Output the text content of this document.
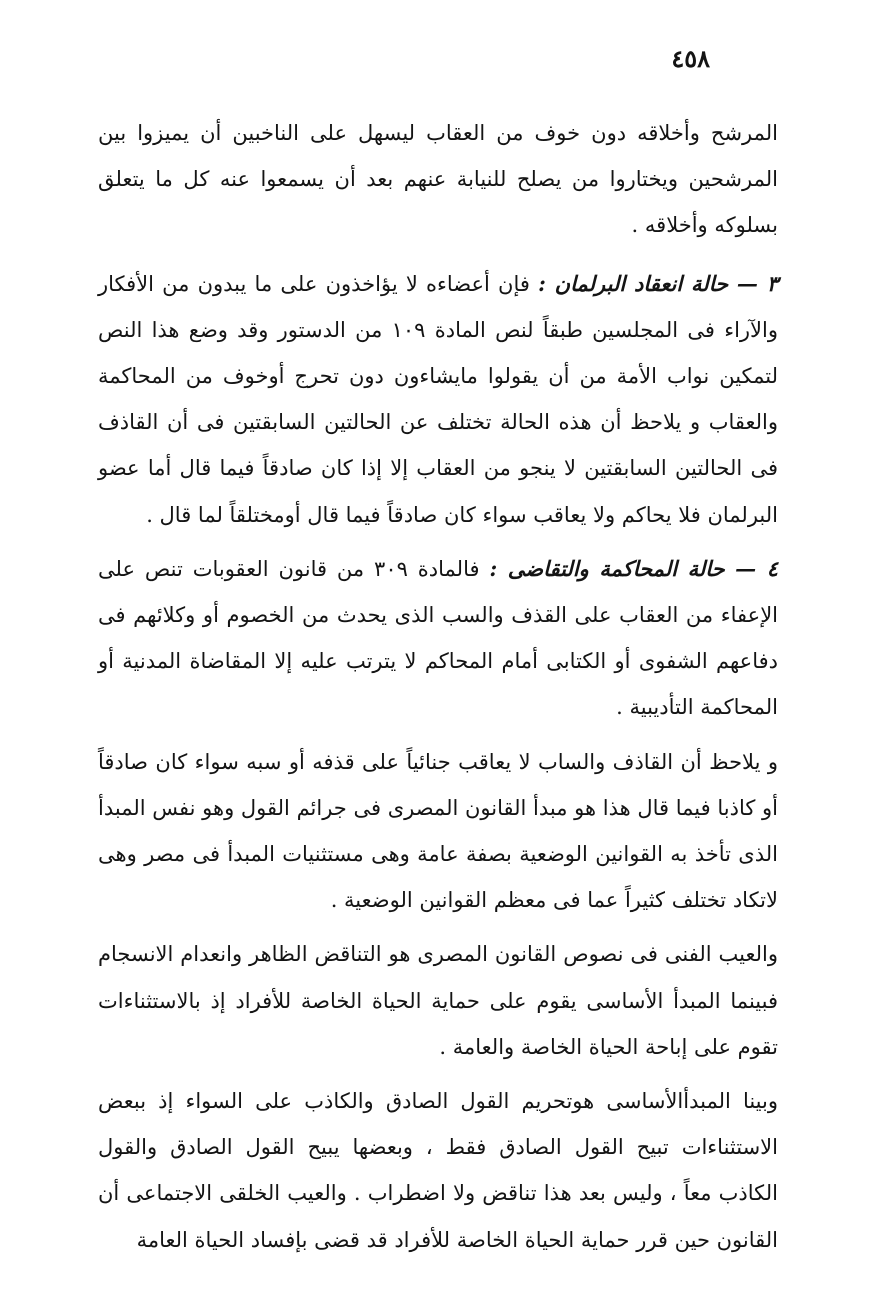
٤٥٨

المرشح وأخلاقه دون خوف من العقاب ليسهل على الناخبين أن يميزوا بين المرشحين ويختاروا من يصلح للنيابة عنهم بعد أن يسمعوا عنه كل ما يتعلق بسلوكه وأخلاقه .

٣ — حالة انعقاد البرلمان : فإن أعضاءه لا يؤاخذون على ما يبدون من الأفكار والآراء فى المجلسين طبقاً لنص المادة ١٠٩ من الدستور وقد وضع هذا النص لتمكين نواب الأمة من أن يقولوا مايشاءون دون تحرج أوخوف من المحاكمة والعقاب و يلاحظ أن هذه الحالة تختلف عن الحالتين السابقتين فى أن القاذف فى الحالتين السابقتين لا ينجو من العقاب إلا إذا كان صادقاً فيما قال أما عضو البرلمان فلا يحاكم ولا يعاقب سواء كان صادقاً فيما قال أومختلقاً لما قال .

٤ — حالة المحاكمة والتقاضى : فالمادة ٣٠٩ من قانون العقوبات تنص على الإعفاء من العقاب على القذف والسب الذى يحدث من الخصوم أو وكلائهم فى دفاعهم الشفوى أو الكتابى أمام المحاكم لا يترتب عليه إلا المقاضاة المدنية أو المحاكمة التأديبية .

و يلاحظ أن القاذف والساب لا يعاقب جنائياً على قذفه أو سبه سواء كان صادقاً أو كاذبا فيما قال هذا هو مبدأ القانون المصرى فى جرائم القول وهو نفس المبدأ الذى تأخذ به القوانين الوضعية بصفة عامة وهى مستثنيات المبدأ فى مصر وهى لاتكاد تختلف كثيراً عما فى معظم القوانين الوضعية .

والعيب الفنى فى نصوص القانون المصرى هو التناقض الظاهر وانعدام الانسجام فبينما المبدأ الأساسى يقوم على حماية الحياة الخاصة للأفراد إذ بالاستثناءات تقوم على إباحة الحياة الخاصة والعامة .

وبينا المبدأالأساسى هوتحريم القول الصادق والكاذب على السواء إذ ببعض الاستثناءات تبيح القول الصادق فقط ، وبعضها يبيح القول الصادق والقول الكاذب معاً ، وليس بعد هذا تناقض ولا اضطراب . والعيب الخلقى الاجتماعى أن القانون حين قرر حماية الحياة الخاصة للأفراد قد قضى بإفساد الحياة العامة
